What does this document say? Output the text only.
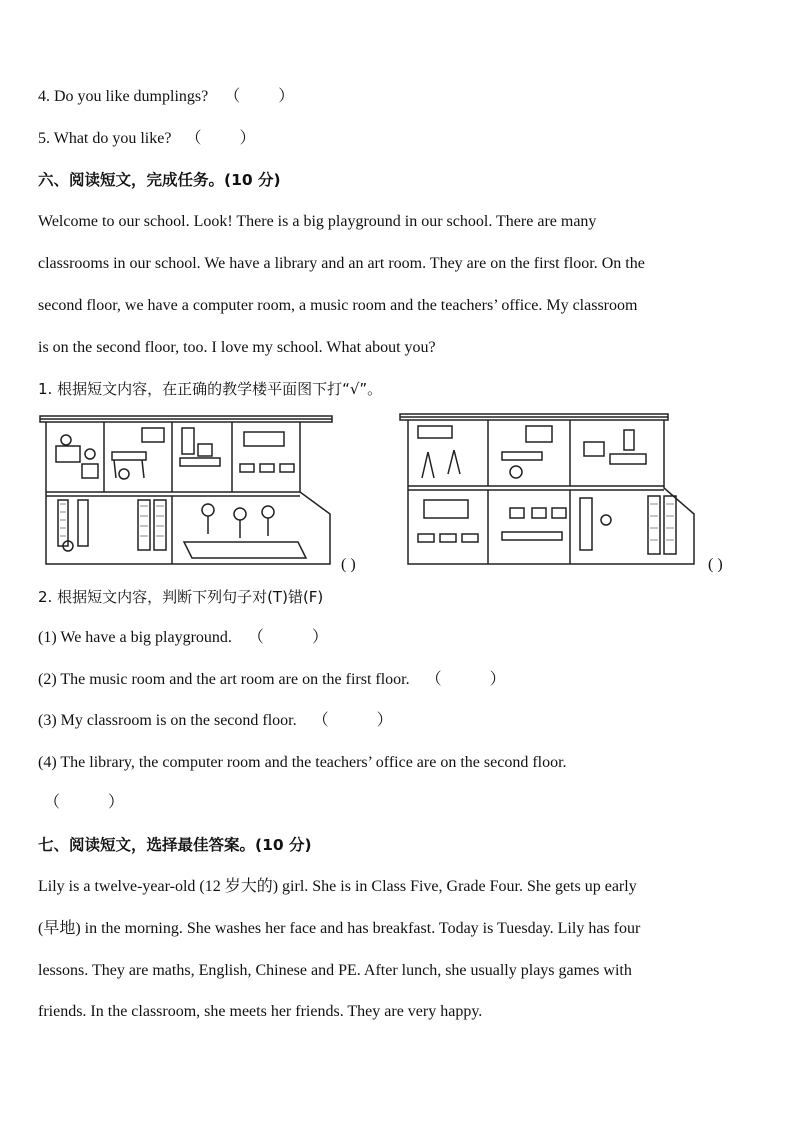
4. Do you like dumplings? （ ）
5. What do you like? （ ）
六、阅读短文，完成任务。(10 分)
Welcome to our school. Look! There is a big playground in our school. There are many
classrooms in our school. We have a library and an art room. They are on the first floor. On the
second floor, we have a computer room, a music room and the teachers’ office. My classroom
is on the second floor, too. I love my school. What about you?
1. 根据短文内容，在正确的教学楼平面图下打“√”。
( )	( )
2. 根据短文内容，判断下列句子对(T)错(F)
(1) We have a big playground. （	）
(2) The music room and the art room are on the first floor. （	）
(3) My classroom is on the second floor. （	）
(4) The library, the computer room and the teachers’ office are on the second floor.
（	）
七、阅读短文，选择最佳答案。(10 分)
Lily is a twelve-year-old (12 岁大的) girl. She is in Class Five, Grade Four. She gets up early
(早地) in the morning. She washes her face and has breakfast. Today is Tuesday. Lily has four
lessons. They are maths, English, Chinese and PE. After lunch, she usually plays games with
friends. In the classroom, she meets her friends. They are very happy.
